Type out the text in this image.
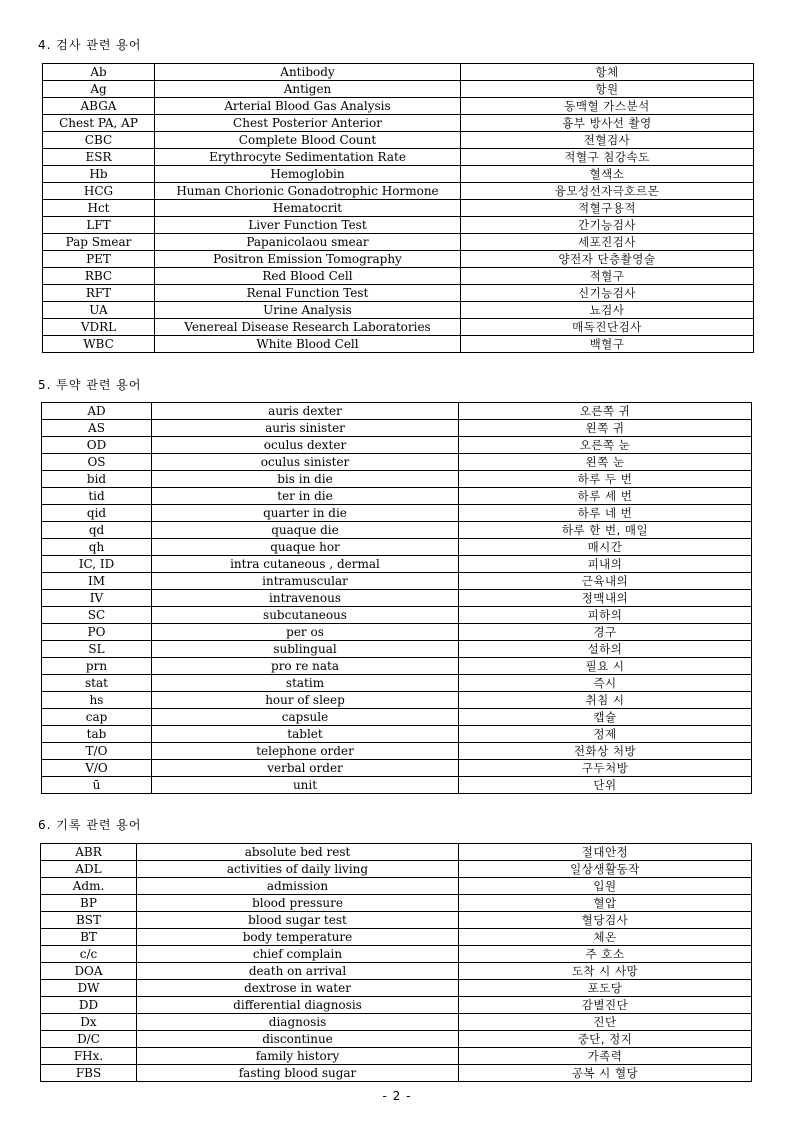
4. 검사 관련 용어
Ab	Antibody	항체
Ag	Antigen	항원
ABGA	Arterial Blood Gas Analysis	동맥혈 가스분석
Chest PA, AP	Chest Posterior Anterior	흉부 방사선 촬영
CBC	Complete Blood Count	전혈검사
ESR	Erythrocyte Sedimentation Rate	적혈구 침강속도
Hb	Hemoglobin	혈색소
HCG	Human Chorionic Gonadotrophic Hormone	융모성선자극호르몬
Hct	Hematocrit	적혈구용적
LFT	Liver Function Test	간기능검사
Pap Smear	Papanicolaou smear	세포진검사
PET	Positron Emission Tomography	양전자 단층촬영술
RBC	Red Blood Cell	적혈구
RFT	Renal Function Test	신기능검사
UA	Urine Analysis	뇨검사
VDRL	Venereal Disease Research Laboratories	매독진단검사
WBC	White Blood Cell	백혈구
5. 투약 관련 용어
AD	auris dexter	오른쪽 귀
AS	auris sinister	왼쪽 귀
OD	oculus dexter	오른쪽 눈
OS	oculus sinister	왼쪽 눈
bid	bis in die	하루 두 번
tid	ter in die	하루 세 번
qid	quarter in die	하루 네 번
qd	quaque die	하루 한 번, 매일
qh	quaque hor	매시간
IC, ID	intra cutaneous , dermal	피내의
IM	intramuscular	근육내의
IV	intravenous	정맥내의
SC	subcutaneous	피하의
PO	per os	경구
SL	sublingual	설하의
prn	pro re nata	필요 시
stat	statim	즉시
hs	hour of sleep	취침 시
cap	capsule	캡슐
tab	tablet	정제
T/O	telephone order	전화상 처방
V/O	verbal order	구두처방
ū	unit	단위
6. 기록 관련 용어
ABR	absolute bed rest	절대안정
ADL	activities of daily living	일상생활동작
Adm.	admission	입원
BP	blood pressure	혈압
BST	blood sugar test	혈당검사
BT	body temperature	체온
c/c	chief complain	주 호소
DOA	death on arrival	도착 시 사망
DW	dextrose in water	포도당
DD	differential diagnosis	감별진단
Dx	diagnosis	진단
D/C	discontinue	중단, 정지
FHx.	family history	가족력
FBS	fasting blood sugar	공복 시 혈당
- 2 -
